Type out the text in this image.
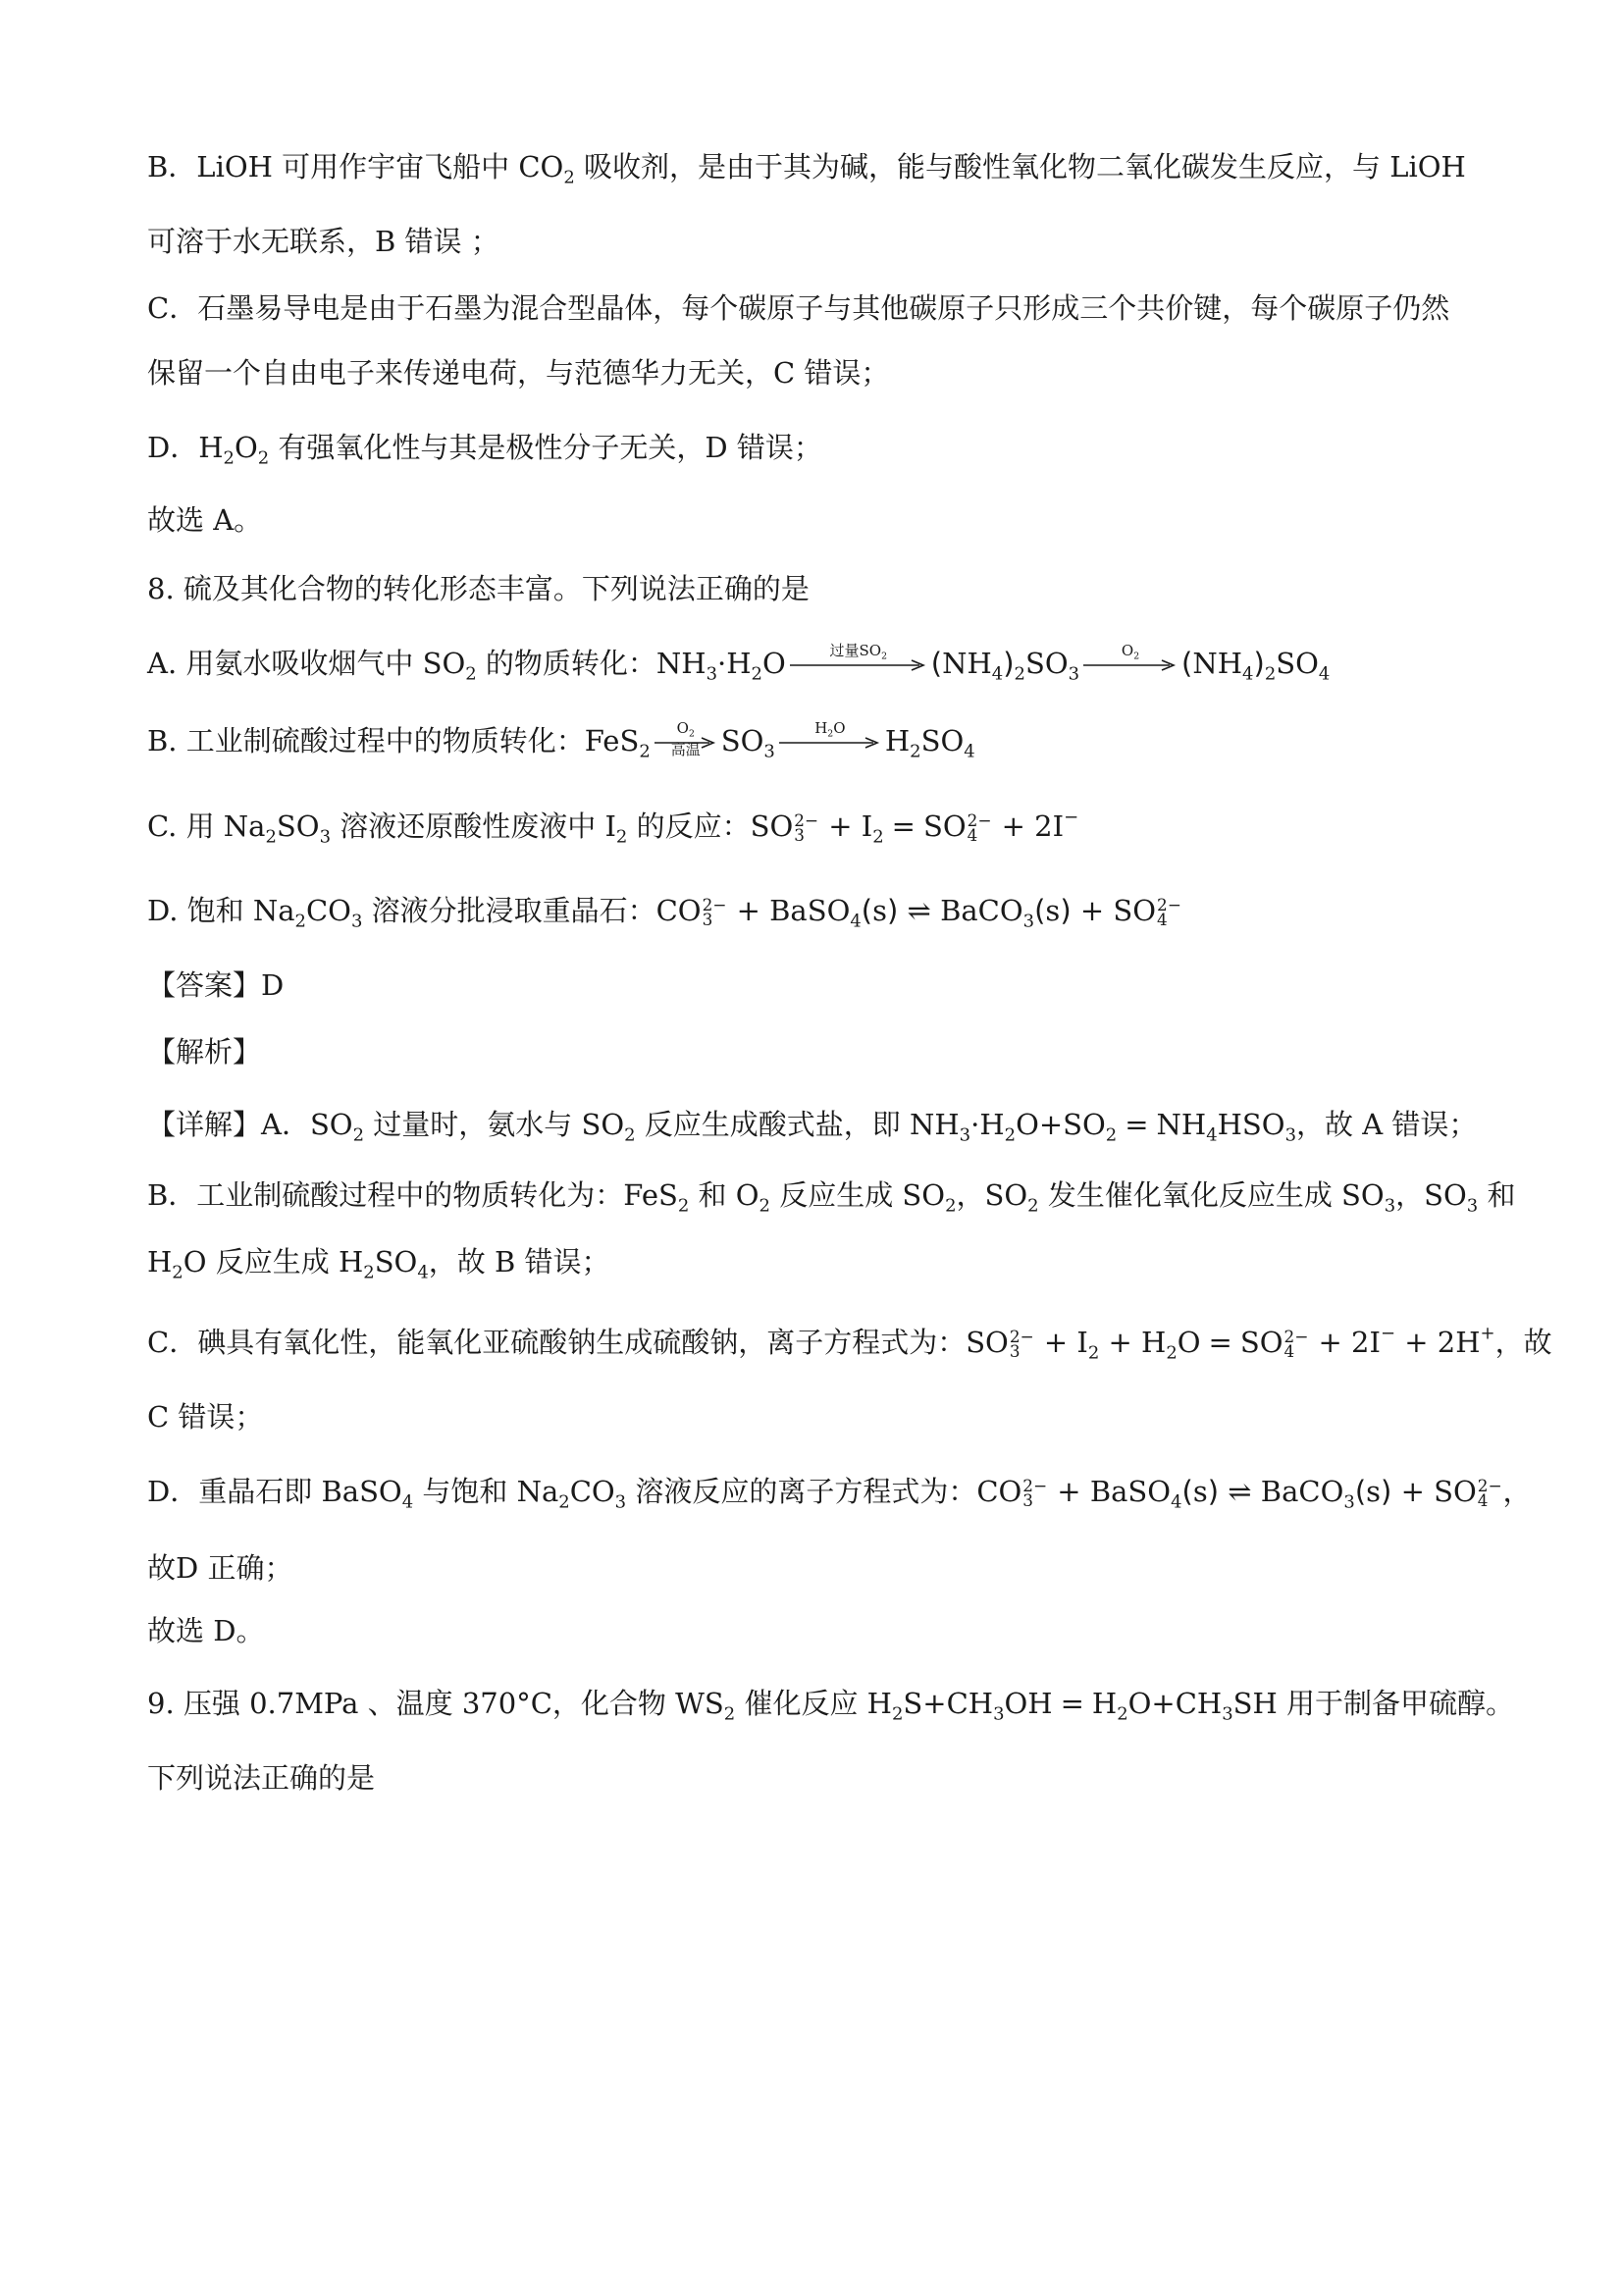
B．LiOH 可用作宇宙飞船中 $CO_2$ 吸收剂，是由于其为碱，能与酸性氧化物二氧化碳发生反应，与 LiOH
可溶于水无联系，B 错误 ；
C．石墨易导电是由于石墨为混合型晶体，每个碳原子与其他碳原子只形成三个共价键，每个碳原子仍然
保留一个自由电子来传递电荷，与范德华力无关，C 错误；
D．$H_2O_2$ 有强氧化性与其是极性分子无关，D 错误；
故选 A。
8. 硫及其化合物的转化形态丰富。下列说法正确的是
A. 用氨水吸收烟气中 $SO_2$ 的物质转化：$NH_3\cdot H_2O$	过量$SO_2$	$(NH_4)_2SO_3$
$O_2$	$(NH_4)_2SO_4$
B. 工业制硫酸过程中的物质转化：FeS$_2$
$O_2$
高温 $SO_3$
$H_2O$	$H_2SO_4$
C. 用 $Na_2SO_3$ 溶液还原酸性废液中 $I_2$ 的反应：SO 2−
$3 + I_2$ = SO 2−
4 + 2I−
D. 饱和 $Na_2CO_3$ 溶液分批浸取重晶石：CO 2−
3 + BaSO$_4$(s) ⇌ BaCO$_3$(s) + SO 2−
4
【答案】D
【解析】
【详解】A．$SO_2$ 过量时，氨水与 $SO_2$ 反应生成酸式盐，即 $NH_3\cdot H_2O+SO_2 = NH_4HSO_3$，故 A 错误；
B．工业制硫酸过程中的物质转化为：FeS$_2$ 和 $O_2$ 反应生成 $SO_2$，$SO_2$ 发生催化氧化反应生成 $SO_3$，$SO_3$ 和
$H_2O$ 反应生成 $H_2SO_4$，故 B 错误；
C．碘具有氧化性，能氧化亚硫酸钠生成硫酸钠，离子方程式为：SO 2−
$3 + I_2 + H_2O$ = SO 2−
4 + 2I− + 2H+，故
C 错误；
D．重晶石即 BaSO$_4$ 与饱和 $Na_2CO_3$ 溶液反应的离子方程式为：CO 2−
3 + BaSO$_4$(s) ⇌ BaCO$_3$(s) + SO 2−
4 ，
故D 正确；
故选 D。
9. 压强 0.7MPa 、温度 370°C，化合物 $WS_2$ 催化反应 $H_2S+CH_3OH = H_2O+CH_3SH$ 用于制备甲硫醇。
下列说法正确的是
